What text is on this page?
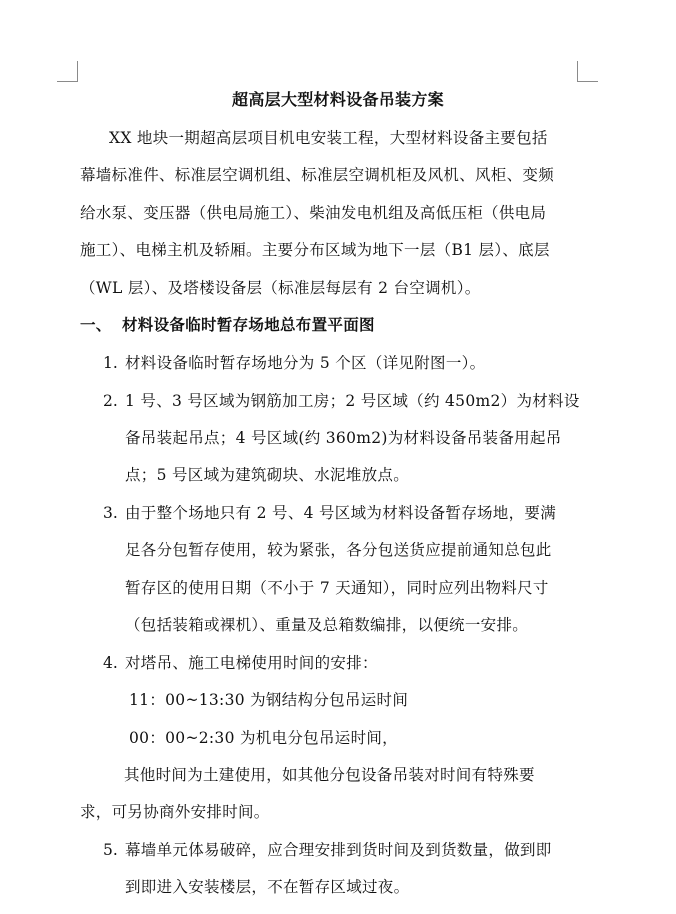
超高层大型材料设备吊装方案
XX 地块一期超高层项目机电安装工程，大型材料设备主要包括
幕墙标准件、标准层空调机组、标准层空调机柜及风机、风柜、变频
给水泵、变压器（供电局施工）、柴油发电机组及高低压柜（供电局
施工）、电梯主机及轿厢。主要分布区域为地下一层（B1 层）、底层
（WL 层）、及塔楼设备层（标准层每层有 2 台空调机）。
一、 材料设备临时暂存场地总布置平面图
1. 材料设备临时暂存场地分为 5 个区（详见附图一）。
2. 1 号、3 号区域为钢筋加工房；2 号区域（约 450m2）为材料设
备吊装起吊点；4 号区域(约 360m2)为材料设备吊装备用起吊
点；5 号区域为建筑砌块、水泥堆放点。
3. 由于整个场地只有 2 号、4 号区域为材料设备暂存场地，要满
足各分包暂存使用，较为紧张，各分包送货应提前通知总包此
暂存区的使用日期（不小于 7 天通知），同时应列出物料尺寸
（包括装箱或裸机）、重量及总箱数编排，以便统一安排。
4. 对塔吊、施工电梯使用时间的安排：
11：00~13:30 为钢结构分包吊运时间
00：00~2:30 为机电分包吊运时间，
其他时间为土建使用，如其他分包设备吊装对时间有特殊要
求，可另协商外安排时间。
5. 幕墙单元体易破碎，应合理安排到货时间及到货数量，做到即
到即进入安装楼层，不在暂存区域过夜。
